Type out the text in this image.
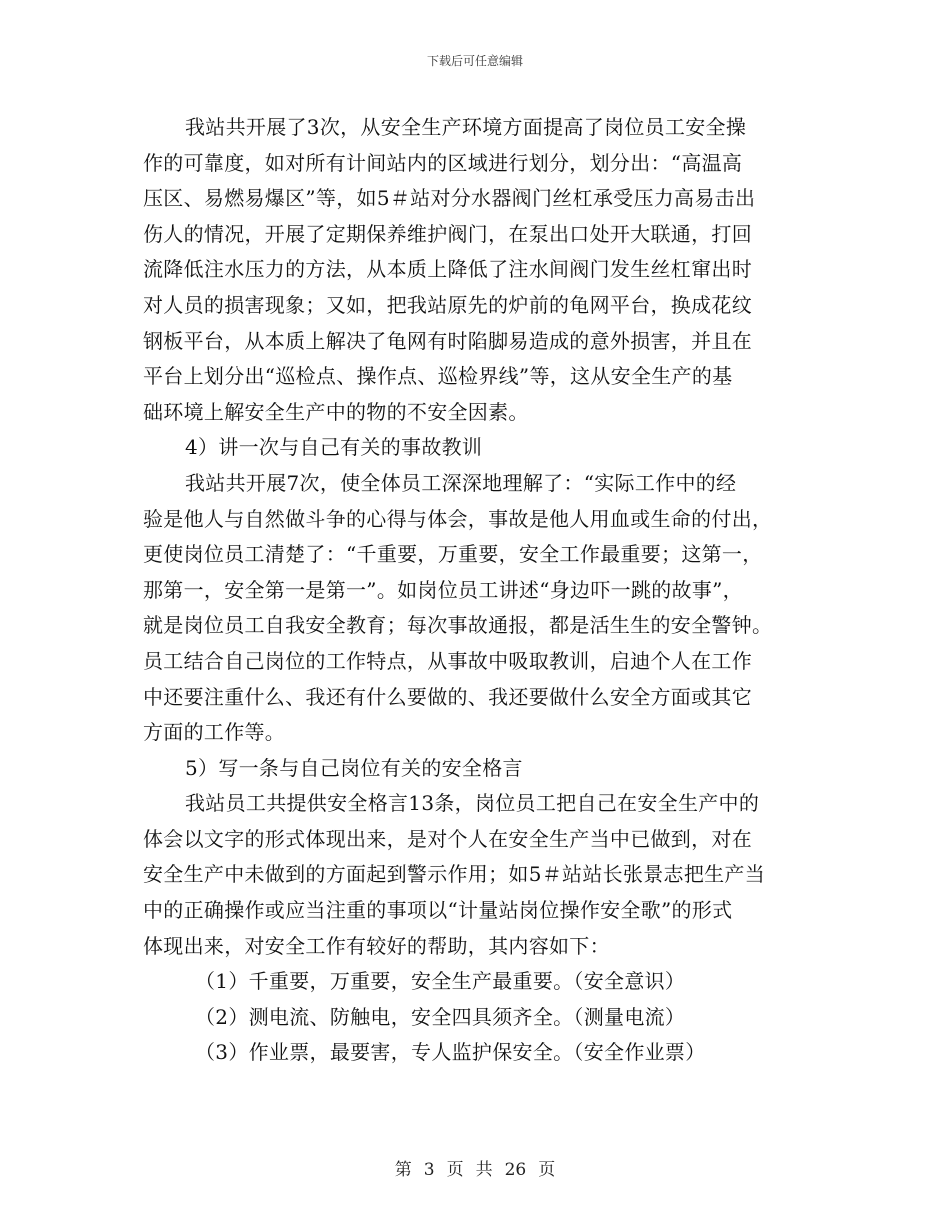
下载后可任意编辑
我站共开展了3次，从安全生产环境方面提高了岗位员工安全操
作的可靠度，如对所有计间站内的区域进行划分，划分出：“高温高
压区、易燃易爆区”等，如5＃站对分水器阀门丝杠承受压力高易击出
伤人的情况，开展了定期保养维护阀门，在泵出口处开大联通，打回
流降低注水压力的方法，从本质上降低了注水间阀门发生丝杠窜出时
对人员的损害现象；又如，把我站原先的炉前的龟网平台，换成花纹
钢板平台，从本质上解决了龟网有时陷脚易造成的意外损害，并且在
平台上划分出“巡检点、操作点、巡检界线”等，这从安全生产的基
础环境上解安全生产中的物的不安全因素。
4）讲一次与自己有关的事故教训
我站共开展7次，使全体员工深深地理解了：“实际工作中的经
验是他人与自然做斗争的心得与体会，事故是他人用血或生命的付出，
更使岗位员工清楚了：“千重要，万重要，安全工作最重要；这第一，
那第一，安全第一是第一”。如岗位员工讲述“身边吓一跳的故事”，
就是岗位员工自我安全教育；每次事故通报，都是活生生的安全警钟。
员工结合自己岗位的工作特点，从事故中吸取教训，启迪个人在工作
中还要注重什么、我还有什么要做的、我还要做什么安全方面或其它
方面的工作等。
5）写一条与自己岗位有关的安全格言
我站员工共提供安全格言13条，岗位员工把自己在安全生产中的
体会以文字的形式体现出来，是对个人在安全生产当中已做到，对在
安全生产中未做到的方面起到警示作用；如5＃站站长张景志把生产当
中的正确操作或应当注重的事项以“计量站岗位操作安全歌”的形式
体现出来，对安全工作有较好的帮助，其内容如下：
（1）千重要，万重要，安全生产最重要。（安全意识）
（2）测电流、防触电，安全四具须齐全。（测量电流）
（3）作业票，最要害，专人监护保安全。（安全作业票）
第 3 页 共 26 页
